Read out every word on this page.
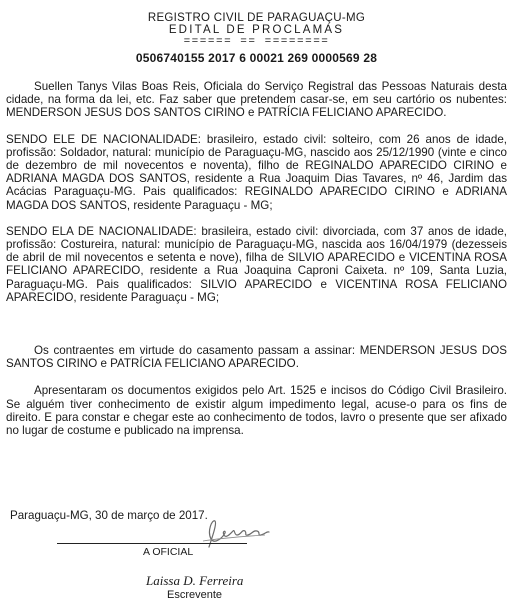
REGISTRO CIVIL DE PARAGUAÇU-MG
EDITAL DE PROCLAMAS
====== == ========
0506740155 2017 6 00021 269 0000569 28

Suellen Tanys Vilas Boas Reis, Oficiala do Serviço Registral das Pessoas Naturais desta cidade, na forma da lei, etc. Faz saber que pretendem casar-se, em seu cartório os nubentes: MENDERSON JESUS DOS SANTOS CIRINO e PATRÍCIA FELICIANO APARECIDO.

SENDO ELE DE NACIONALIDADE: brasileiro, estado civil: solteiro, com 26 anos de idade, profissão: Soldador, natural: município de Paraguaçu-MG, nascido aos 25/12/1990 (vinte e cinco de dezembro de mil novecentos e noventa), filho de REGINALDO APARECIDO CIRINO e ADRIANA MAGDA DOS SANTOS, residente a Rua Joaquim Dias Tavares, nº 46, Jardim das Acácias Paraguaçu-MG. Pais qualificados: REGINALDO APARECIDO CIRINO e ADRIANA MAGDA DOS SANTOS, residente Paraguaçu - MG;

SENDO ELA DE NACIONALIDADE: brasileira, estado civil: divorciada, com 37 anos de idade, profissão: Costureira, natural: município de Paraguaçu-MG, nascida aos 16/04/1979 (dezesseis de abril de mil novecentos e setenta e nove), filha de SILVIO APARECIDO e VICENTINA ROSA FELICIANO APARECIDO, residente a Rua Joaquina Caproni Caixeta. nº 109, Santa Luzia, Paraguaçu-MG. Pais qualificados: SILVIO APARECIDO e VICENTINA ROSA FELICIANO APARECIDO, residente Paraguaçu - MG;

Os contraentes em virtude do casamento passam a assinar: MENDERSON JESUS DOS SANTOS CIRINO e PATRÍCIA FELICIANO APARECIDO.

Apresentaram os documentos exigidos pelo Art. 1525 e incisos do Código Civil Brasileiro. Se alguém tiver conhecimento de existir algum impedimento legal, acuse-o para os fins de direito. E para constar e chegar este ao conhecimento de todos, lavro o presente que ser afixado no lugar de costume e publicado na imprensa.

Paraguaçu-MG, 30 de março de 2017.
A OFICIAL
Laissa D. Ferreira
Escrevente
